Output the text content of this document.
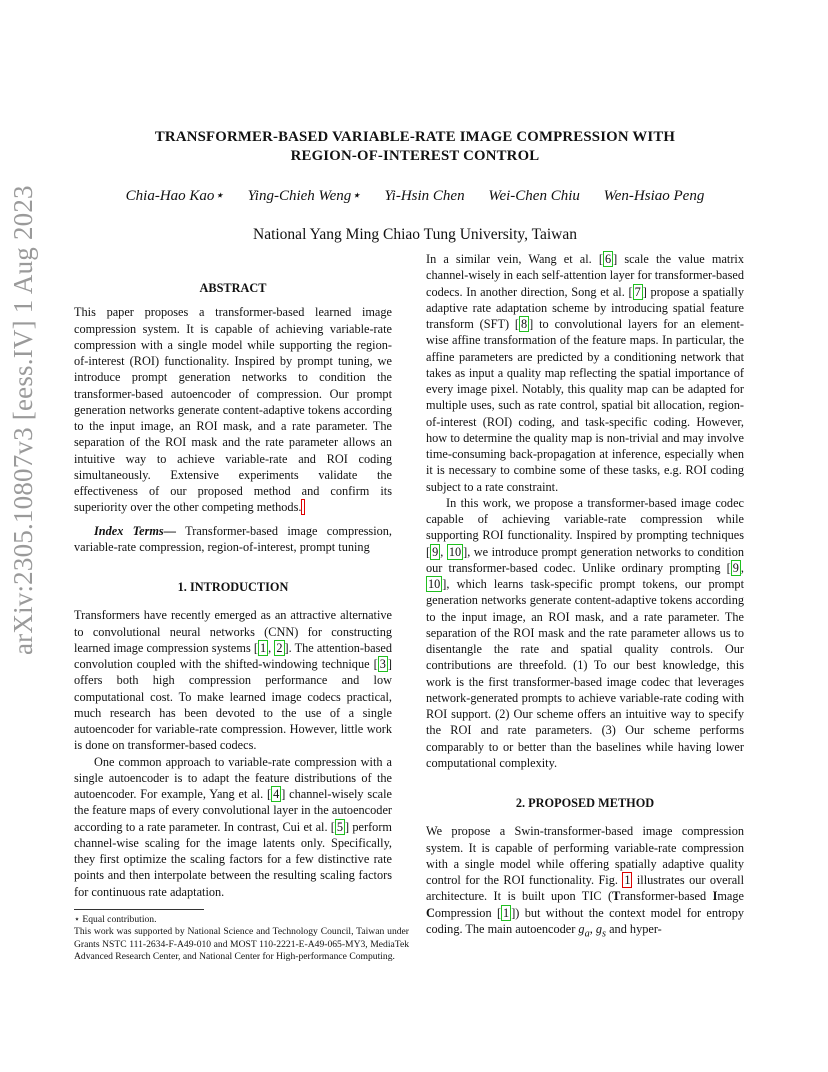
arXiv:2305.10807v3 [eess.IV] 1 Aug 2023
TRANSFORMER-BASED VARIABLE-RATE IMAGE COMPRESSION WITH
REGION-OF-INTEREST CONTROL
Chia-Hao Kao⋆ Ying-Chieh Weng⋆ Yi-Hsin Chen Wei-Chen Chiu Wen-Hsiao Peng
National Yang Ming Chiao Tung University, Taiwan

ABSTRACT

This paper proposes a transformer-based learned image compression system. It is capable of achieving variable-rate compression with a single model while supporting the region-of-interest (ROI) functionality. Inspired by prompt tuning, we introduce prompt generation networks to condition the transformer-based autoencoder of compression. Our prompt generation networks generate content-adaptive tokens according to the input image, an ROI mask, and a rate parameter. The separation of the ROI mask and the rate parameter allows an intuitive way to achieve variable-rate and ROI coding simultaneously. Extensive experiments validate the effectiveness of our proposed method and confirm its superiority over the other competing methods.

Index Terms— Transformer-based image compression, variable-rate compression, region-of-interest, prompt tuning

1. INTRODUCTION

Transformers have recently emerged as an attractive alternative to convolutional neural networks (CNN) for constructing learned image compression systems [ 1 , 2 ]. The attention-based convolution coupled with the shifted-windowing technique [ 3 ] offers both high compression performance and low computational cost. To make learned image codecs practical, much research has been devoted to the use of a single autoencoder for variable-rate compression. However, little work is done on transformer-based codecs.

One common approach to variable-rate compression with a single autoencoder is to adapt the feature distributions of the autoencoder. For example, Yang et al. [ 4 ] channel-wisely scale the feature maps of every convolutional layer in the autoencoder according to a rate parameter. In contrast, Cui et al. [ 5 ] perform channel-wise scaling for the image latents only. Specifically, they first optimize the scaling factors for a few distinctive rate points and then interpolate between the resulting scaling factors for continuous rate adaptation.

⋆ Equal contribution.

This work was supported by National Science and Technology Council, Taiwan under Grants NSTC 111-2634-F-A49-010 and MOST 110-2221-E-A49-065-MY3, MediaTek Advanced Research Center, and National Center for High-performance Computing.

In a similar vein, Wang et al. [ 6 ] scale the value matrix channel-wisely in each self-attention layer for transformer-based codecs. In another direction, Song et al. [ 7 ] propose a spatially adaptive rate adaptation scheme by introducing spatial feature transform (SFT) [ 8 ] to convolutional layers for an element-wise affine transformation of the feature maps. In particular, the affine parameters are predicted by a conditioning network that takes as input a quality map reflecting the spatial importance of every image pixel. Notably, this quality map can be adapted for multiple uses, such as rate control, spatial bit allocation, region-of-interest (ROI) coding, and task-specific coding. However, how to determine the quality map is non-trivial and may involve time-consuming back-propagation at inference, especially when it is necessary to combine some of these tasks, e.g. ROI coding subject to a rate constraint.

In this work, we propose a transformer-based image codec capable of achieving variable-rate compression while supporting ROI functionality. Inspired by prompting techniques [ 9 , 10 ], we introduce prompt generation networks to condition our transformer-based codec. Unlike ordinary prompting [ 9 , 10 ], which learns task-specific prompt tokens, our prompt generation networks generate content-adaptive tokens according to the input image, an ROI mask, and a rate parameter. The separation of the ROI mask and the rate parameter allows us to disentangle the rate and spatial quality controls. Our contributions are threefold. (1) To our best knowledge, this work is the first transformer-based image codec that leverages network-generated prompts to achieve variable-rate coding with ROI support. (2) Our scheme offers an intuitive way to specify the ROI and rate parameters. (3) Our scheme performs comparably to or better than the baselines while having lower computational complexity.

2. PROPOSED METHOD

We propose a Swin-transformer-based image compression system. It is capable of performing variable-rate compression with a single model while offering spatially adaptive quality control for the ROI functionality. Fig. 1 illustrates our overall architecture. It is built upon TIC (Transformer-based Image Compression [ 1 ]) but without the context model for entropy coding. The main autoencoder $g_a$, $g_s$ and hyper-
